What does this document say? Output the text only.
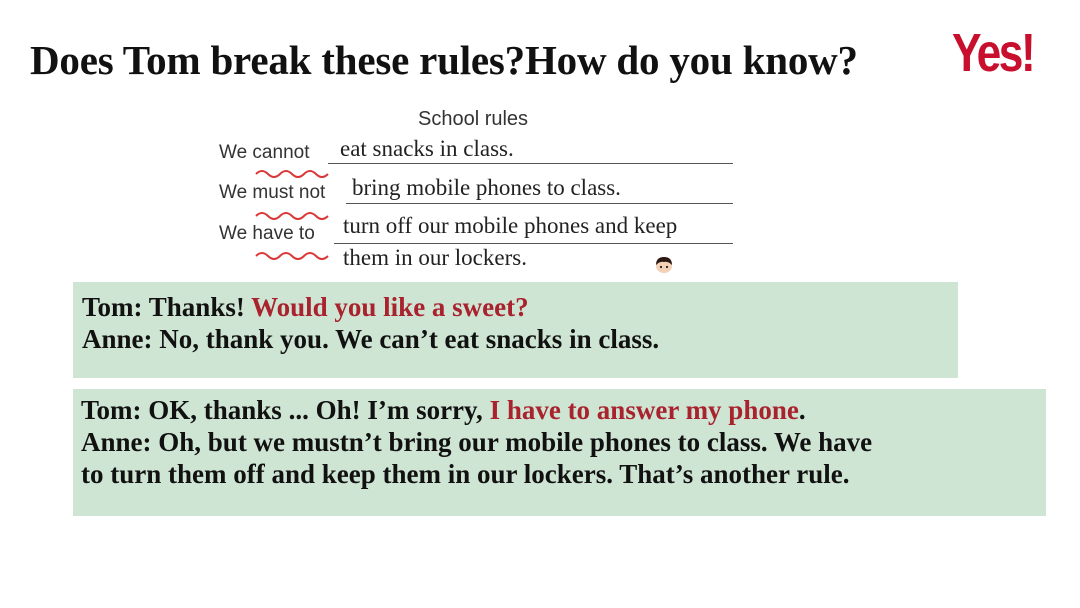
Does Tom break these rules?How do you know? Yes!
School rules
We cannot eat snacks in class.
We must not bring mobile phones to class.
We have to turn off our mobile phones and keep
them in our lockers.
Tom: Thanks! Would you like a sweet?
Anne: No, thank you. We can’t eat snacks in class.
Tom: OK, thanks ... Oh! I’m sorry, I have to answer my phone.
Anne: Oh, but we mustn’t bring our mobile phones to class. We have
to turn them off and keep them in our lockers. That’s another rule.
